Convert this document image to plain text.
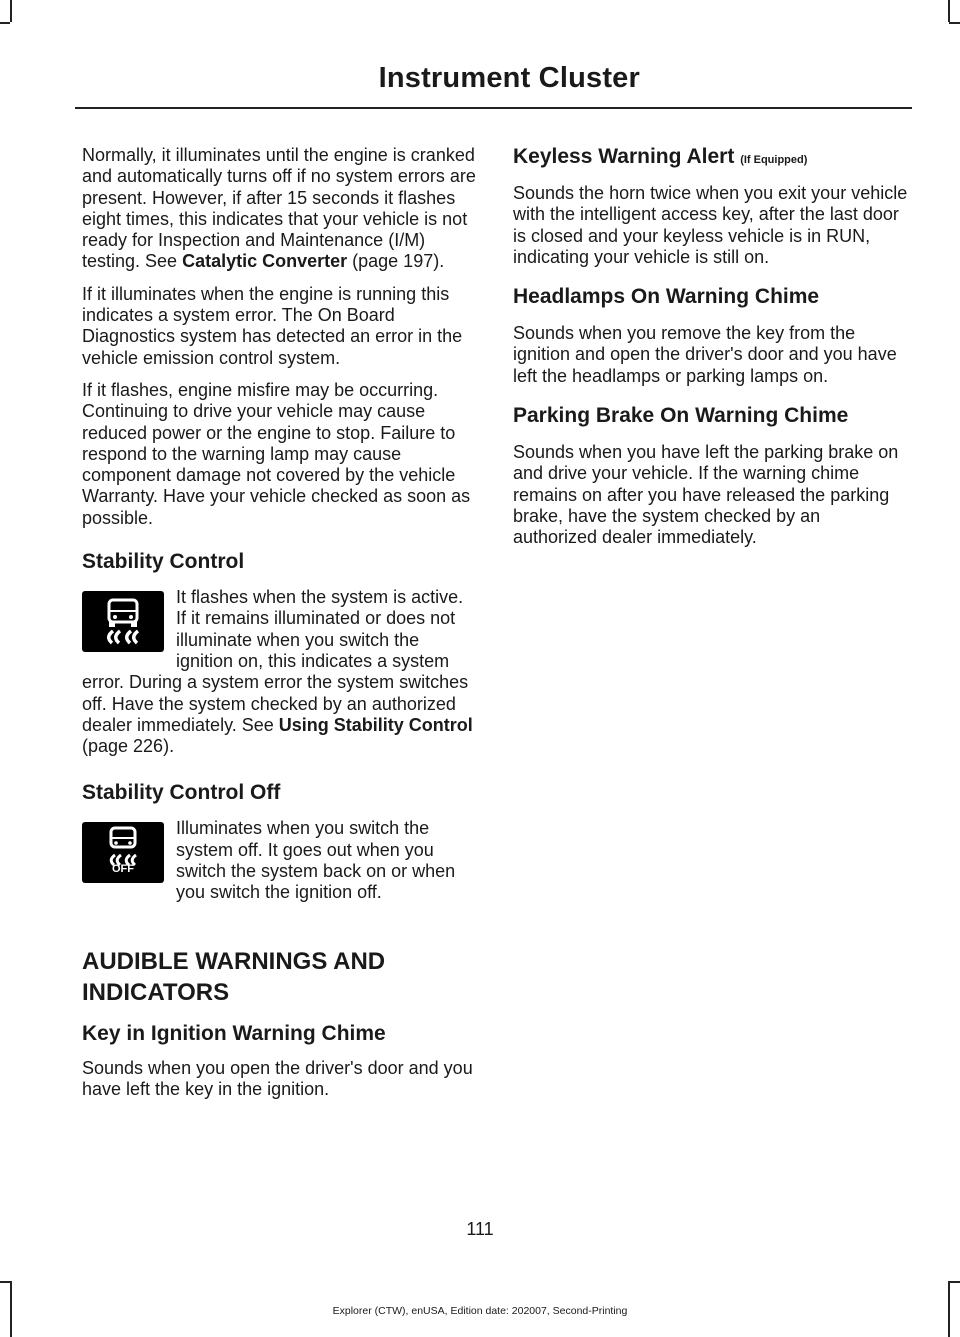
Instrument Cluster

Normally, it illuminates until the engine is cranked and automatically turns off if no system errors are present. However, if after 15 seconds it flashes eight times, this indicates that your vehicle is not ready for Inspection and Maintenance (I/M) testing. See Catalytic Converter (page 197).

If it illuminates when the engine is running this indicates a system error. The On Board Diagnostics system has detected an error in the vehicle emission control system.

If it flashes, engine misfire may be occurring. Continuing to drive your vehicle may cause reduced power or the engine to stop. Failure to respond to the warning lamp may cause component damage not covered by the vehicle Warranty. Have your vehicle checked as soon as possible.

Stability Control

It flashes when the system is active. If it remains illuminated or does not illuminate when you switch the ignition on, this indicates a system error. During a system error the system switches off. Have the system checked by an authorized dealer immediately. See Using Stability Control (page 226).

Stability Control Off

OFF
Illuminates when you switch the system off. It goes out when you switch the system back on or when you switch the ignition off.

AUDIBLE WARNINGS AND
INDICATORS
Key in Ignition Warning Chime

Sounds when you open the driver's door and you have left the key in the ignition.

Keyless Warning Alert (If Equipped)

Sounds the horn twice when you exit your vehicle with the intelligent access key, after the last door is closed and your keyless vehicle is in RUN, indicating your vehicle is still on.

Headlamps On Warning Chime

Sounds when you remove the key from the ignition and open the driver's door and you have left the headlamps or parking lamps on.

Parking Brake On Warning Chime

Sounds when you have left the parking brake on and drive your vehicle. If the warning chime remains on after you have released the parking brake, have the system checked by an authorized dealer immediately.

111
Explorer (CTW), enUSA, Edition date: 202007, Second-Printing
